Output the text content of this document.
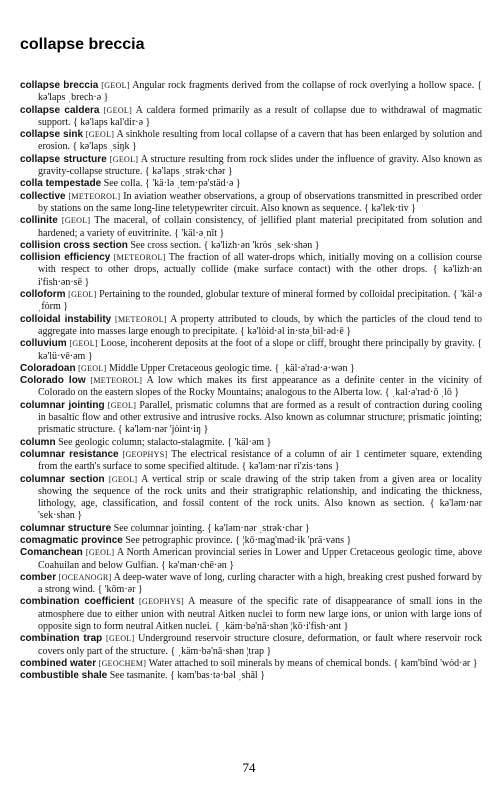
collapse breccia

collapse breccia [GEOL] Angular rock fragments derived from the collapse of rock overlying a hollow space. { kə'laps ˌbrech·ə }

collapse caldera [GEOL] A caldera formed primarily as a result of collapse due to withdrawal of magmatic support. { kə'laps kal'dir·ə }

collapse sink [GEOL] A sinkhole resulting from local collapse of a cavern that has been enlarged by solution and erosion. { kə'laps ˌsiŋk }

collapse structure [GEOL] A structure resulting from rock slides under the influence of gravity. Also known as gravity-collapse structure. { kə'laps ˌstrək·chər }

colla tempestade See colla. { 'kä·lə ˌtem·pə'städ·ə }

collective [METEOROL] In aviation weather observations, a group of observations transmitted in prescribed order by stations on the same long-line teletypewriter circuit. Also known as sequence. { kə'lek·tiv }

collinite [GEOL] The maceral, of collain consistency, of jellified plant material precipitated from solution and hardened; a variety of euvitrinite. { 'käl·əˌnīt }

collision cross section See cross section. { kə'lizh·ən 'krȯs ˌsek·shən }

collision efficiency [METEOROL] The fraction of all water-drops which, initially moving on a collision course with respect to other drops, actually collide (make surface contact) with the other drops. { kə'lizh·ən i'fish·ən·sē }

colloform [GEOL] Pertaining to the rounded, globular texture of mineral formed by colloidal precipitation. { 'käl·əˌfȯrm }

colloidal instability [METEOROL] A property attributed to clouds, by which the particles of the cloud tend to aggregate into masses large enough to precipitate. { kə'lȯid·əl in·stəˌbil·əd·ē }

colluvium [GEOL] Loose, incoherent deposits at the foot of a slope or cliff, brought there principally by gravity. { kə'lü·vē·əm }

Coloradoan [GEOL] Middle Upper Cretaceous geologic time. { ˌkäl·ə'rad·ə·wən }

Colorado low [METEOROL] A low which makes its first appearance as a definite center in the vicinity of Colorado on the eastern slopes of the Rocky Mountains; analogous to the Alberta low. { ˌkal·ə'rad·ō ˌlō }

columnar jointing [GEOL] Parallel, prismatic columns that are formed as a result of contraction during cooling in basaltic flow and other extrusive and intrusive rocks. Also known as columnar structure; prismatic jointing; prismatic structure. { kə'ləm·nər 'jȯint·iŋ }

column See geologic column; stalacto-stalagmite. { 'käl·əm }

columnar resistance [GEOPHYS] The electrical resistance of a column of air 1 centimeter square, extending from the earth's surface to some specified altitude. { kə'ləm·nər ri'zis·təns }

columnar section [GEOL] A vertical strip or scale drawing of the strip taken from a given area or locality showing the sequence of the rock units and their stratigraphic relationship, and indicating the thickness, lithology, age, classification, and fossil content of the rock units. Also known as section. { kə'ləm·nər 'sek·shən }

columnar structure See columnar jointing. { kə'ləm·nər ˌstrək·chər }

comagmatic province See petrographic province. { ¦kō·mag'mad·ik 'prä·vəns }

Comanchean [GEOL] A North American provincial series in Lower and Upper Cretaceous geologic time, above Coahuilan and below Gulfian. { kə'man·chē·ən }

comber [OCEANOGR] A deep-water wave of long, curling character with a high, breaking crest pushed forward by a strong wind. { 'kōm·ər }

combination coefficient [GEOPHYS] A measure of the specific rate of disappearance of small ions in the atmosphere due to either union with neutral Aitken nuclei to form new large ions, or union with large ions of opposite sign to form neutral Aitken nuclei. { ˌkäm·bə'nā·shən ¦kō·i'fish·ənt }

combination trap [GEOL] Underground reservoir structure closure, deformation, or fault where reservoir rock covers only part of the structure. { ˌkäm·bə'nā·shən ¦trap }

combined water [GEOCHEM] Water attached to soil minerals by means of chemical bonds. { kəm'bīnd 'wȯd·ər }

combustible shale See tasmanite. { kəm'bas·tə·bəl ˌshāl }

74
